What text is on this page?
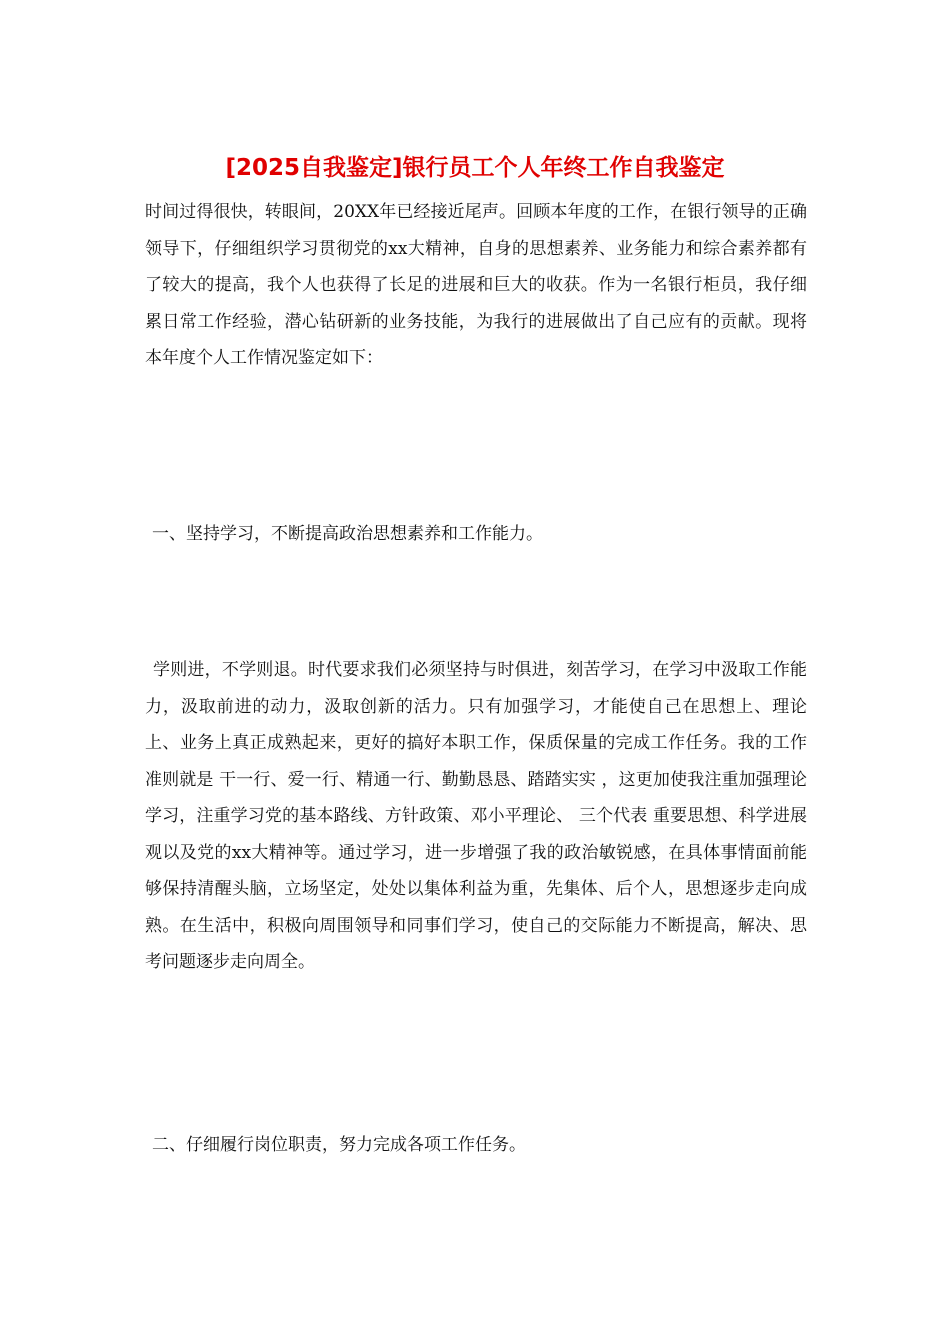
[2025自我鉴定]银行员工个人年终工作自我鉴定

时间过得很快，转眼间，20XX年已经接近尾声。回顾本年度的工作，在银行领导的正确领导下，仔细组织学习贯彻党的xx大精神，自身的思想素养、业务能力和综合素养都有了较大的提高，我个人也获得了长足的进展和巨大的收获。作为一名银行柜员，我仔细累日常工作经验，潜心钻研新的业务技能，为我行的进展做出了自己应有的贡献。现将本年度个人工作情况鉴定如下：

一、坚持学习，不断提高政治思想素养和工作能力。

学则进，不学则退。时代要求我们必须坚持与时俱进，刻苦学习，在学习中汲取工作能力，汲取前进的动力，汲取创新的活力。只有加强学习，才能使自己在思想上、理论上、业务上真正成熟起来，更好的搞好本职工作，保质保量的完成工作任务。我的工作准则就是 干一行、爱一行、精通一行、勤勤恳恳、踏踏实实 ，这更加使我注重加强理论学习，注重学习党的基本路线、方针政策、邓小平理论、 三个代表 重要思想、科学进展观以及党的xx大精神等。通过学习，进一步增强了我的政治敏锐感，在具体事情面前能够保持清醒头脑，立场坚定，处处以集体利益为重，先集体、后个人，思想逐步走向成熟。在生活中，积极向周围领导和同事们学习，使自己的交际能力不断提高，解决、思考问题逐步走向周全。

二、仔细履行岗位职责，努力完成各项工作任务。
